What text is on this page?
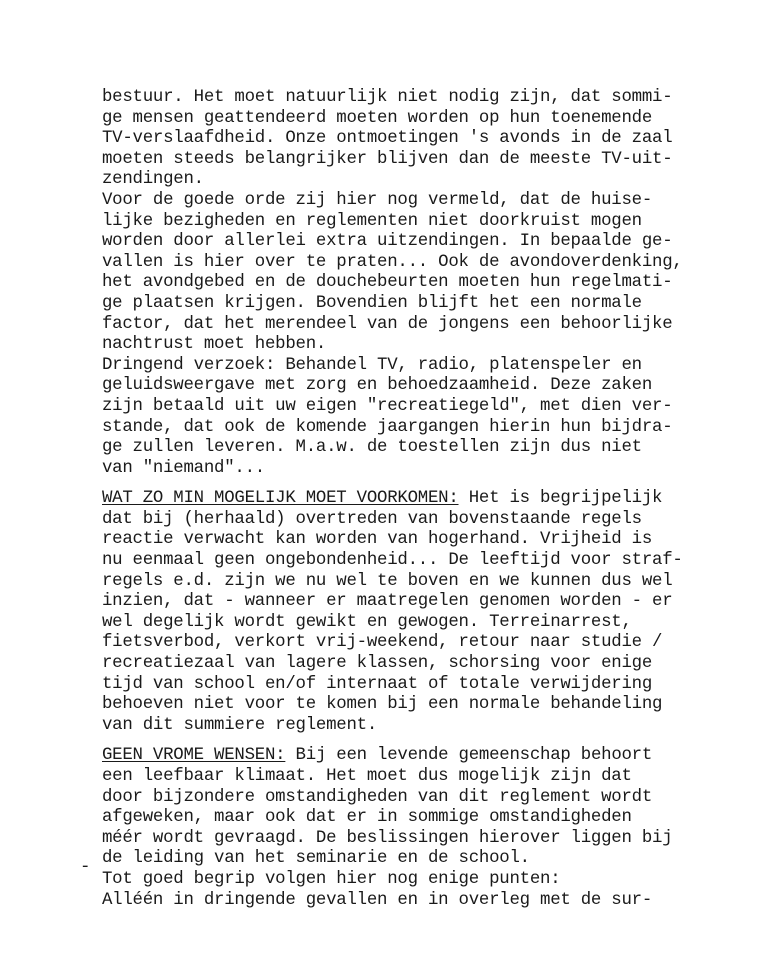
bestuur. Het moet natuurlijk niet nodig zijn, dat sommi-
ge mensen geattendeerd moeten worden op hun toenemende
TV-verslaafdheid. Onze ontmoetingen 's avonds in de zaal
moeten steeds belangrijker blijven dan de meeste TV-uit-
zendingen.
Voor de goede orde zij hier nog vermeld, dat de huise-
lijke bezigheden en reglementen niet doorkruist mogen
worden door allerlei extra uitzendingen. In bepaalde ge-
vallen is hier over te praten... Ook de avondoverdenking,
het avondgebed en de douchebeurten moeten hun regelmati-
ge plaatsen krijgen. Bovendien blijft het een normale
factor, dat het merendeel van de jongens een behoorlijke
nachtrust moet hebben.
Dringend verzoek: Behandel TV, radio, platenspeler en
geluidsweergave met zorg en behoedzaamheid. Deze zaken
zijn betaald uit uw eigen "recreatiegeld", met dien ver-
stande, dat ook de komende jaargangen hierin hun bijdra-
ge zullen leveren. M.a.w. de toestellen zijn dus niet
van "niemand"...
WAT ZO MIN MOGELIJK MOET VOORKOMEN: Het is begrijpelijk
dat bij (herhaald) overtreden van bovenstaande regels
reactie verwacht kan worden van hogerhand. Vrijheid is
nu eenmaal geen ongebondenheid... De leeftijd voor straf-
regels e.d. zijn we nu wel te boven en we kunnen dus wel
inzien, dat - wanneer er maatregelen genomen worden - er
wel degelijk wordt gewikt en gewogen. Terreinarrest,
fietsverbod, verkort vrij-weekend, retour naar studie /
recreatiezaal van lagere klassen, schorsing voor enige
tijd van school en/of internaat of totale verwijdering
behoeven niet voor te komen bij een normale behandeling
van dit summiere reglement.
GEEN VROME WENSEN: Bij een levende gemeenschap behoort
een leefbaar klimaat. Het moet dus mogelijk zijn dat
door bijzondere omstandigheden van dit reglement wordt
afgeweken, maar ook dat er in sommige omstandigheden
méér wordt gevraagd. De beslissingen hierover liggen bij
de leiding van het seminarie en de school.
Tot goed begrip volgen hier nog enige punten:
Alléén in dringende gevallen en in overleg met de sur-
-
